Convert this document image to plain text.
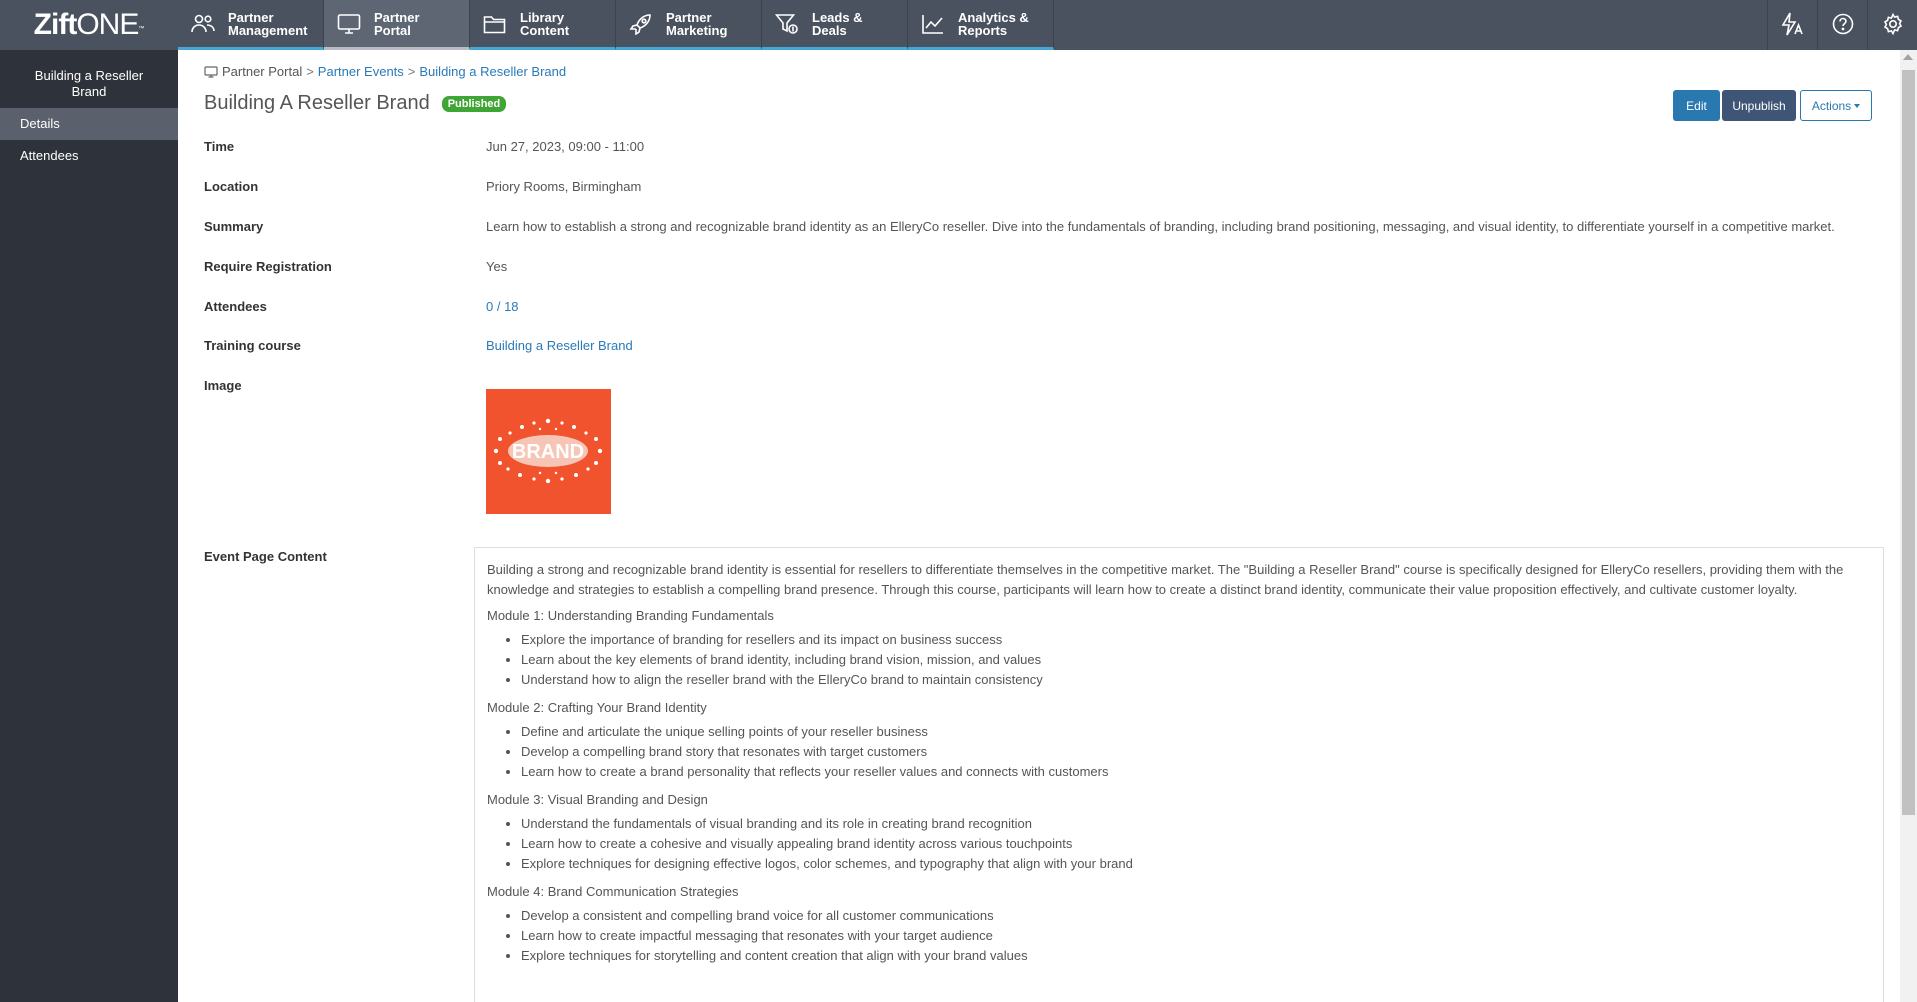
Zift $ONE_™$
Partner
Management
Partner
Portal
Library
Content
Partner
Marketing
Leads &
Deals
Analytics &
Reports
Building a Reseller Brand
Details
Attendees
Partner Portal > Partner Events > Building a Reseller Brand
Building A Reseller Brand	Published	Edit	Unpublish	Actions
Time	Jun 27, 2023, 09:00 - 11:00
Location	Priory Rooms, Birmingham
Summary	Learn how to establish a strong and recognizable brand identity as an ElleryCo reseller. Dive into the fundamentals of branding, including brand positioning, messaging, and visual identity, to differentiate yourself in a competitive market.
Require Registration	Yes
Attendees	0 / 18
Training course	Building a Reseller Brand
Image
BRAND
Event Page Content
Building a strong and recognizable brand identity is essential for resellers to differentiate themselves in the competitive market. The "Building a Reseller Brand" course is specifically designed for ElleryCo resellers, providing them with the knowledge and strategies to establish a compelling brand presence. Through this course, participants will learn how to create a distinct brand identity, communicate their value proposition effectively, and cultivate customer loyalty.
Module 1: Understanding Branding Fundamentals
• Explore the importance of branding for resellers and its impact on business success
• Learn about the key elements of brand identity, including brand vision, mission, and values
• Understand how to align the reseller brand with the ElleryCo brand to maintain consistency
Module 2: Crafting Your Brand Identity
• Define and articulate the unique selling points of your reseller business
• Develop a compelling brand story that resonates with target customers
• Learn how to create a brand personality that reflects your reseller values and connects with customers
Module 3: Visual Branding and Design
• Understand the fundamentals of visual branding and its role in creating brand recognition
• Learn how to create a cohesive and visually appealing brand identity across various touchpoints
• Explore techniques for designing effective logos, color schemes, and typography that align with your brand
Module 4: Brand Communication Strategies
• Develop a consistent and compelling brand voice for all customer communications
• Learn how to create impactful messaging that resonates with your target audience
• Explore techniques for storytelling and content creation that align with your brand values
